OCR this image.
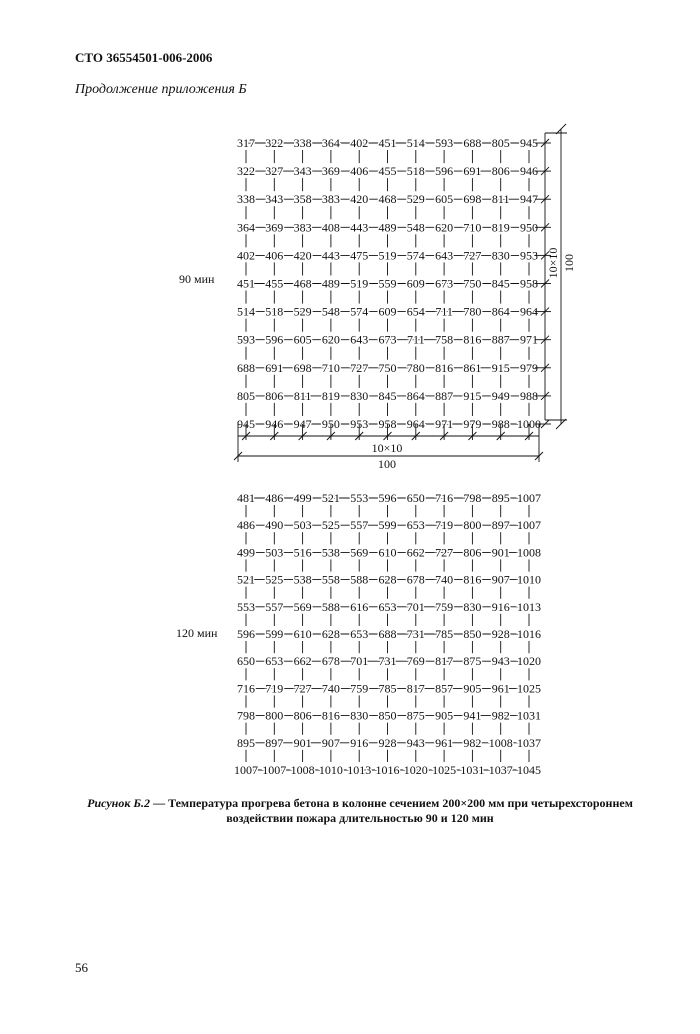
СТО 36554501-006-2006
Продолжение приложения Б
90 мин
317 322 338 364 402 451 514 593 688 805 945
322 327 343 369 406 455 518 596 691 806 946
338 343 358 383 420 468 529 605 698 811 947
364 369 383 408 443 489 548 620 710 819 950
402 406 420 443 475 519 574 643 727 830 953
451 455 468 489 519 559 609 673 750 845 958
514 518 529 548 574 609 654 711 780 864 964
593 596 605 620 643 673 711 758 816 887 971
688 691 698 710 727 750 780 816 861 915 979
805 806 811 819 830 845 864 887 915 949 988
945 946 947 950 953 958 964 971 979 988 1000
10×10 100
10×10
100
120 мин
481 486 499 521 553 596 650 716 798 895 1007
486 490 503 525 557 599 653 719 800 897 1007
499 503 516 538 569 610 662 727 806 901 1008
521 525 538 558 588 628 678 740 816 907 1010
553 557 569 588 616 653 701 759 830 916 1013
596 599 610 628 653 688 731 785 850 928 1016
650 653 662 678 701 731 769 817 875 943 1020
716 719 727 740 759 785 817 857 905 961 1025
798 800 806 816 830 850 875 905 941 982 1031
895 897 901 907 916 928 943 961 982 1008 1037
1007 1007 1008 1010 1013 1016 1020 1025 1031 1037 1045
Рисунок Б.2 — Температура прогрева бетона в колонне сечением 200×200 мм при четырехстороннем воздействии пожара длительностью 90 и 120 мин
56
